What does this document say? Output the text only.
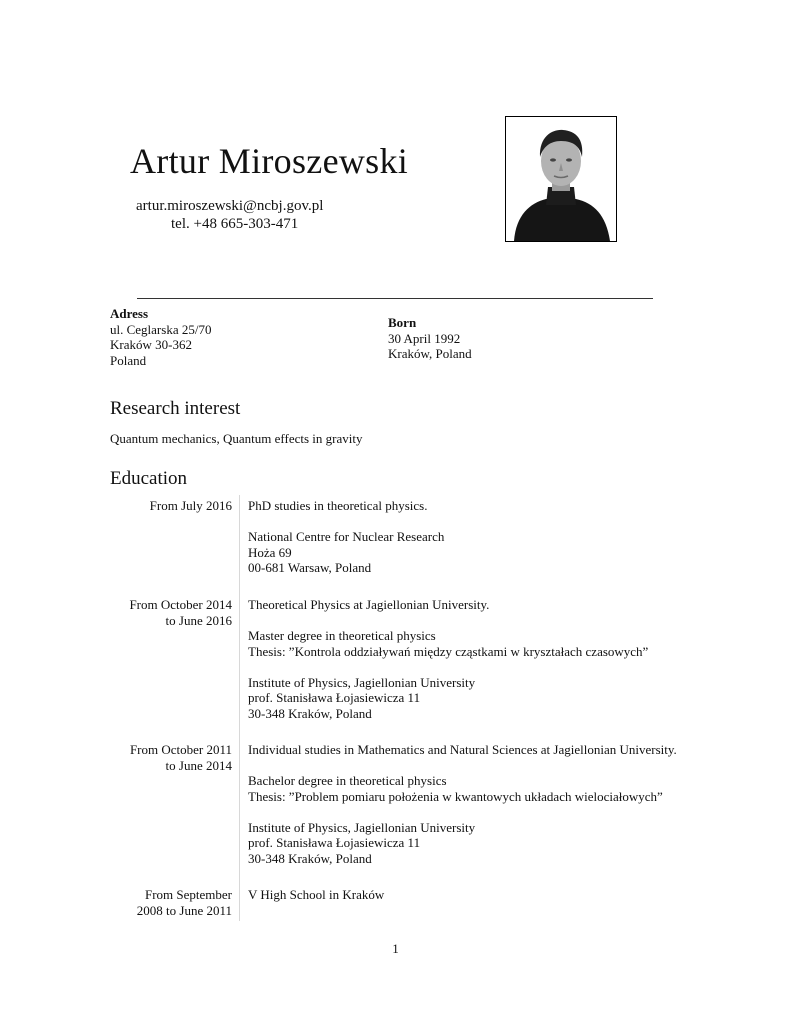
Artur Miroszewski
artur.miroszewski@ncbj.gov.pl
tel. +48 665-303-471
Adress
ul. Ceglarska 25/70
Kraków 30-362
Poland
Born
30 April 1992
Kraków, Poland
Research interest
Quantum mechanics, Quantum effects in gravity
Education
From July 2016 PhD studies in theoretical physics.

National Centre for Nuclear Research
Hoża 69
00-681 Warsaw, Poland

From October 2014
to June 2016

Theoretical Physics at Jagiellonian University.

Master degree in theoretical physics
Thesis: ”Kontrola oddziaływań między cząstkami w kryształach czasowych”

Institute of Physics, Jagiellonian University
prof. Stanisława Łojasiewicza 11
30-348 Kraków, Poland

From October 2011
to June 2014

Individual studies in Mathematics and Natural Sciences at Jagiellonian University.

Bachelor degree in theoretical physics
Thesis: ”Problem pomiaru położenia w kwantowych układach wielociałowych”

Institute of Physics, Jagiellonian University
prof. Stanisława Łojasiewicza 11
30-348 Kraków, Poland

From September
2008 to June 2011

V High School in Kraków

1
